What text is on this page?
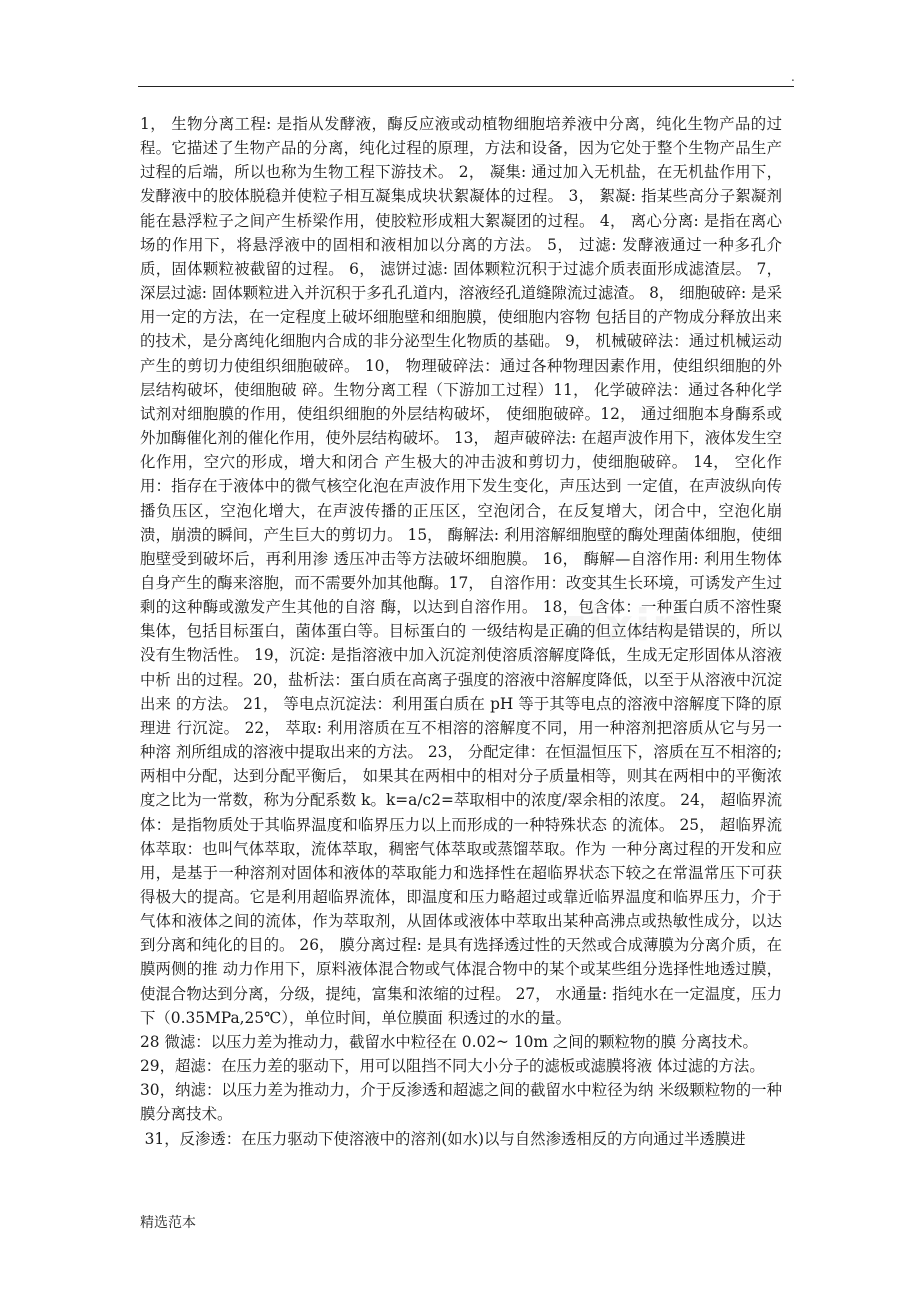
.

1， 生物分离工程: 是指从发酵液，酶反应液或动植物细胞培养液中分离，纯化生物产品的过程。它描述了生物产品的分离，纯化过程的原理，方法和设备，因为它处于整个生物产品生产过程的后端，所以也称为生物工程下游技术。 2， 凝集: 通过加入无机盐，在无机盐作用下，发酵液中的胶体脱稳并使粒子相互凝集成块状絮凝体的过程。 3， 絮凝: 指某些高分子絮凝剂能在悬浮粒子之间产生桥梁作用，使胶粒形成粗大絮凝团的过程。 4， 离心分离: 是指在离心场的作用下，将悬浮液中的固相和液相加以分离的方法。 5， 过滤: 发酵液通过一种多孔介质，固体颗粒被截留的过程。 6， 滤饼过滤: 固体颗粒沉积于过滤介质表面形成滤渣层。 7， 深层过滤: 固体颗粒进入并沉积于多孔孔道内，溶液经孔道缝隙流过滤渣。 8， 细胞破碎: 是采用一定的方法，在一定程度上破坏细胞壁和细胞膜，使细胞内容物 包括目的产物成分释放出来的技术，是分离纯化细胞内合成的非分泌型生化物质的基础。 9， 机械破碎法：通过机械运动产生的剪切力使组织细胞破碎。 10， 物理破碎法：通过各种物理因素作用，使组织细胞的外层结构破坏，使细胞破 碎。生物分离工程（下游加工过程）11， 化学破碎法：通过各种化学试剂对细胞膜的作用，使组织细胞的外层结构破坏， 使细胞破碎。12， 通过细胞本身酶系或外加酶催化剂的催化作用，使外层结构破坏。 13， 超声破碎法: 在超声波作用下，液体发生空化作用，空穴的形成，增大和闭合 产生极大的冲击波和剪切力，使细胞破碎。 14， 空化作用：指存在于液体中的微气核空化泡在声波作用下发生变化，声压达到 一定值，在声波纵向传播负压区，空泡化增大，在声波传播的正压区，空泡闭合，在反复增大，闭合中，空泡化崩溃，崩溃的瞬间，产生巨大的剪切力。 15， 酶解法: 利用溶解细胞壁的酶处理菌体细胞，使细胞壁受到破坏后，再利用渗 透压冲击等方法破坏细胞膜。 16， 酶解—自溶作用: 利用生物体自身产生的酶来溶胞，而不需要外加其他酶。17， 自溶作用：改变其生长环境，可诱发产生过剩的这种酶或激发产生其他的自溶 酶，以达到自溶作用。 18，包含体：一种蛋白质不溶性聚集体，包括目标蛋白，菌体蛋白等。目标蛋白的 一级结构是正确的但立体结构是错误的，所以没有生物活性。 19，沉淀: 是指溶液中加入沉淀剂使溶质溶解度降低，生成无定形固体从溶液中析 出的过程。20，盐析法：蛋白质在高离子强度的溶液中溶解度降低，以至于从溶液中沉淀出来 的方法。 21， 等电点沉淀法：利用蛋白质在 pH 等于其等电点的溶液中溶解度下降的原理进 行沉淀。 22， 萃取: 利用溶质在互不相溶的溶解度不同，用一种溶剂把溶质从它与另一种溶 剂所组成的溶液中提取出来的方法。 23， 分配定律：在恒温恒压下，溶质在互不相溶的; 两相中分配，达到分配平衡后， 如果其在两相中的相对分子质量相等，则其在两相中的平衡浓度之比为一常数，称为分配系数 k。k=a/c2=萃取相中的浓度/翠余相的浓度。 24， 超临界流体：是指物质处于其临界温度和临界压力以上而形成的一种特殊状态 的流体。 25， 超临界流体萃取：也叫气体萃取，流体萃取，稠密气体萃取或蒸馏萃取。作为 一种分离过程的开发和应用，是基于一种溶剂对固体和液体的萃取能力和选择性在超临界状态下较之在常温常压下可获得极大的提高。它是利用超临界流体，即温度和压力略超过或靠近临界温度和临界压力，介于气体和液体之间的流体，作为萃取剂，从固体或液体中萃取出某种高沸点或热敏性成分，以达到分离和纯化的目的。 26， 膜分离过程: 是具有选择透过性的天然或合成薄膜为分离介质，在膜两侧的推 动力作用下，原料液体混合物或气体混合物中的某个或某些组分选择性地透过膜，使混合物达到分离，分级，提纯，富集和浓缩的过程。 27， 水通量: 指纯水在一定温度，压力下（0.35MPa,25℃），单位时间，单位膜面 积透过的水的量。

28 微滤：以压力差为推动力，截留水中粒径在 0.02~ 10m 之间的颗粒物的膜 分离技术。

29，超滤：在压力差的驱动下，用可以阻挡不同大小分子的滤板或滤膜将液 体过滤的方法。

30，纳滤：以压力差为推动力，介于反渗透和超滤之间的截留水中粒径为纳 米级颗粒物的一种膜分离技术。

31，反渗透：在压力驱动下使溶液中的溶剂(如水)以与自然渗透相反的方向通过半透膜进

精选范本
